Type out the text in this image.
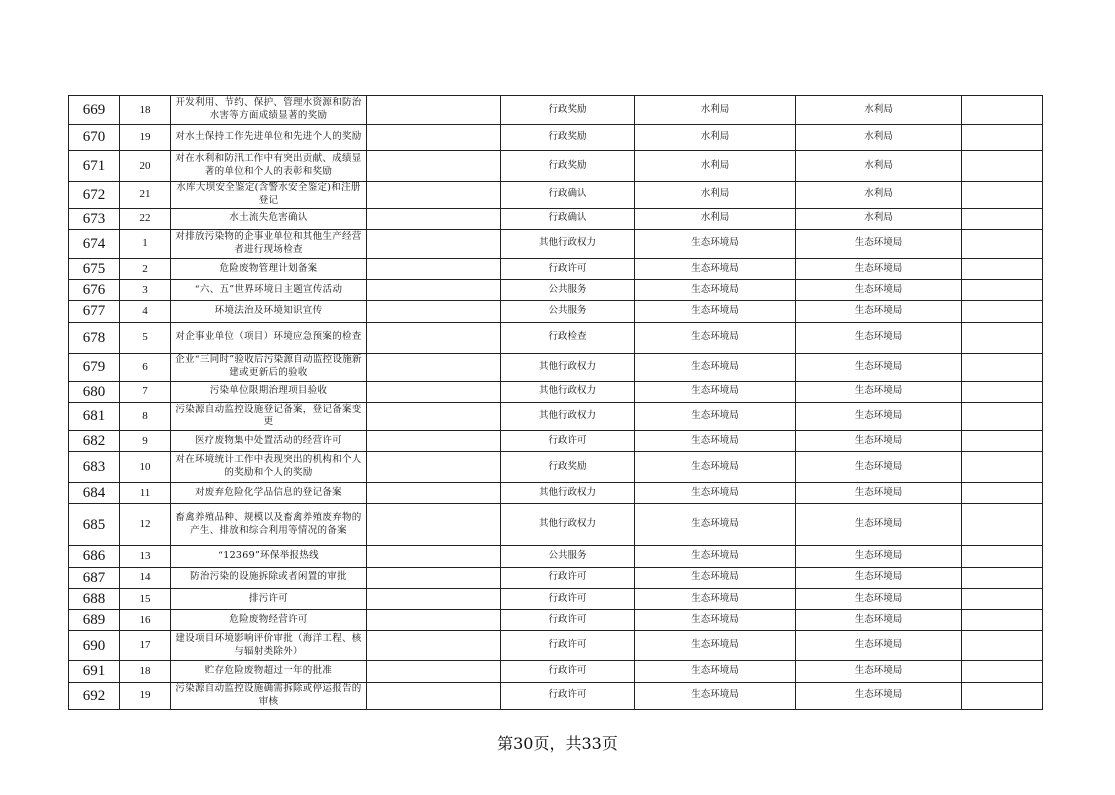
669	18	开发利用、节约、保护、管理水资源和防治水害等方面成绩显著的奖励		行政奖励	水利局	水利局	
670	19	对水土保持工作先进单位和先进个人的奖励		行政奖励	水利局	水利局	
671	20	对在水利和防汛工作中有突出贡献、成绩显著的单位和个人的表彰和奖励		行政奖励	水利局	水利局	
672	21	水库大坝安全鉴定(含警水安全鉴定)和注册登记		行政确认	水利局	水利局	
673	22	水土流失危害确认		行政确认	水利局	水利局	
674	1	对排放污染物的企事业单位和其他生产经营者进行现场检查		其他行政权力	生态环境局	生态环境局	
675	2	危险废物管理计划备案		行政许可	生态环境局	生态环境局	
676	3	“六、五”世界环境日主题宣传活动		公共服务	生态环境局	生态环境局	
677	4	环境法治及环境知识宣传		公共服务	生态环境局	生态环境局	
678	5	对企事业单位（项目）环境应急预案的检查		行政检查	生态环境局	生态环境局	
679	6	企业“三同时”验收后污染源自动监控设施新建或更新后的验收		其他行政权力	生态环境局	生态环境局	
680	7	污染单位限期治理项目验收		其他行政权力	生态环境局	生态环境局	
681	8	污染源自动监控设施登记备案，登记备案变更		其他行政权力	生态环境局	生态环境局	
682	9	医疗废物集中处置活动的经营许可		行政许可	生态环境局	生态环境局	
683	10	对在环境统计工作中表现突出的机构和个人的奖励和个人的奖励		行政奖励	生态环境局	生态环境局	
684	11	对废弃危险化学品信息的登记备案		其他行政权力	生态环境局	生态环境局	
685	12	畜禽养殖品种、规模以及畜禽养殖废弃物的产生、排放和综合利用等情况的备案		其他行政权力	生态环境局	生态环境局	
686	13	“12369”环保举报热线		公共服务	生态环境局	生态环境局	
687	14	防治污染的设施拆除或者闲置的审批		行政许可	生态环境局	生态环境局	
688	15	排污许可		行政许可	生态环境局	生态环境局	
689	16	危险废物经营许可		行政许可	生态环境局	生态环境局	
690	17	建设项目环境影响评价审批（海洋工程、核与辐射类除外）		行政许可	生态环境局	生态环境局	
691	18	贮存危险废物超过一年的批准		行政许可	生态环境局	生态环境局	
692	19	污染源自动监控设施确需拆除或停运报告的审核		行政许可	生态环境局	生态环境局	
第30页，共33页
